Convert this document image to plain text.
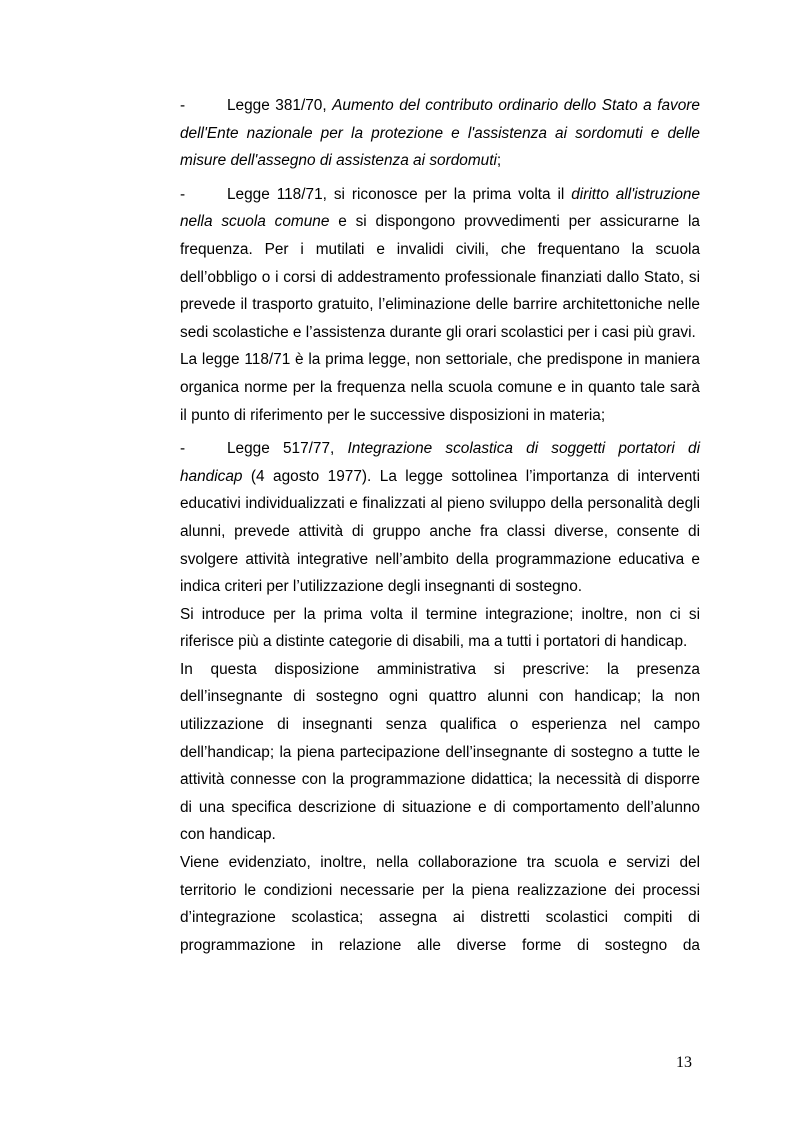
-	Legge 381/70, Aumento del contributo ordinario dello Stato a favore dell'Ente nazionale per la protezione e l'assistenza ai sordomuti e delle misure dell'assegno di assistenza ai sordomuti;

-	Legge 118/71, si riconosce per la prima volta il diritto all'istruzione nella scuola comune e si dispongono provvedimenti per assicurarne la frequenza. Per i mutilati e invalidi civili, che frequentano la scuola dell’obbligo o i corsi di addestramento professionale finanziati dallo Stato, si prevede il trasporto gratuito, l’eliminazione delle barrire architettoniche nelle sedi scolastiche e l’assistenza durante gli orari scolastici per i casi più gravi.

La legge 118/71 è la prima legge, non settoriale, che predispone in maniera organica norme per la frequenza nella scuola comune e in quanto tale sarà il punto di riferimento per le successive disposizioni in materia;

-	Legge 517/77, Integrazione scolastica di soggetti portatori di handicap (4 agosto 1977). La legge sottolinea l’importanza di interventi educativi individualizzati e finalizzati al pieno sviluppo della personalità degli alunni, prevede attività di gruppo anche fra classi diverse, consente di svolgere attività integrative nell’ambito della programmazione educativa e indica criteri per l’utilizzazione degli insegnanti di sostegno.

Si introduce per la prima volta il termine integrazione; inoltre, non ci si riferisce più a distinte categorie di disabili, ma a tutti i portatori di handicap.

In questa disposizione amministrativa si prescrive: la presenza dell’insegnante di sostegno ogni quattro alunni con handicap; la non utilizzazione di insegnanti senza qualifica o esperienza nel campo dell’handicap; la piena partecipazione dell’insegnante di sostegno a tutte le attività connesse con la programmazione didattica; la necessità di disporre di una specifica descrizione di situazione e di comportamento dell’alunno con handicap.

Viene evidenziato, inoltre, nella collaborazione tra scuola e servizi del territorio le condizioni necessarie per la piena realizzazione dei processi d’integrazione scolastica; assegna ai distretti scolastici compiti di programmazione in relazione alle diverse forme di sostegno da

13
